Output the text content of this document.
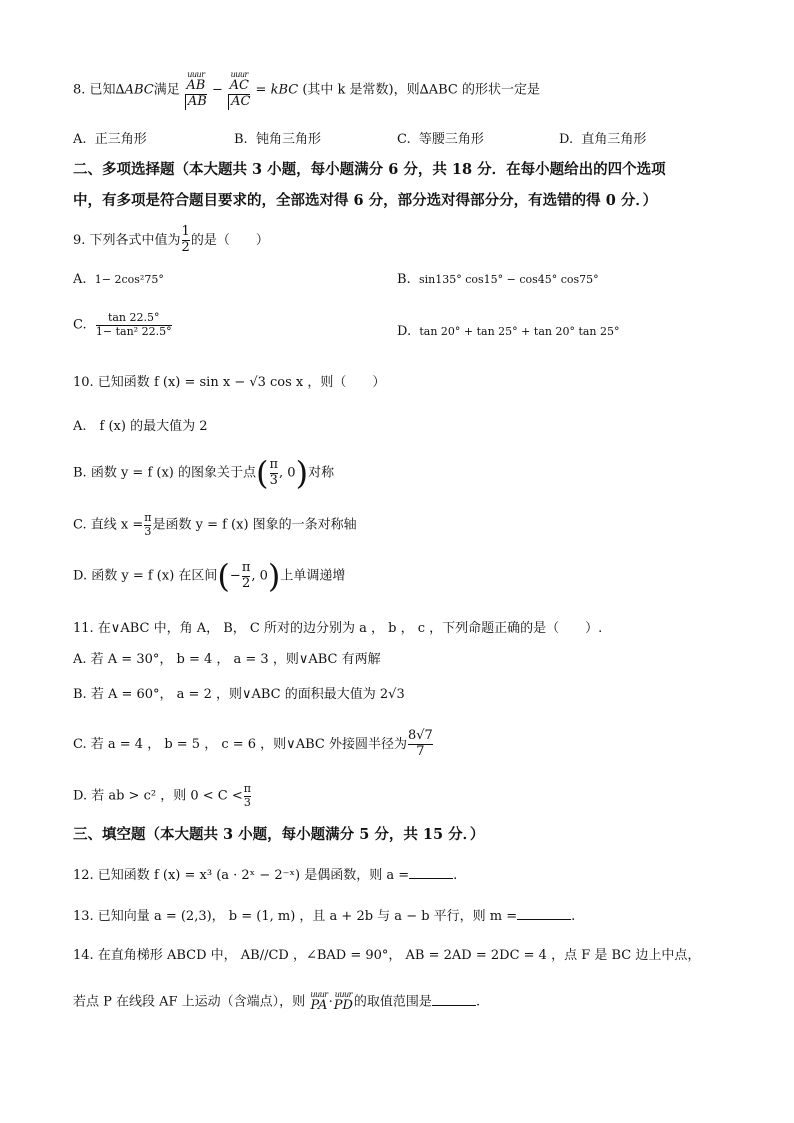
8. 已知∆ABC满足 uuur
AB
AB − uuur
AC
AC = kBC (其中 k 是常数)，则∆ABC 的形状一定是
A. 正三角形	B. 钝角三角形	C. 等腰三角形	D. 直角三角形
二、多项选择题（本大题共 3 小题，每小题满分 6 分，共 18 分．在每小题给出的四个选项
中，有多项是符合题目要求的，全部选对得 6 分，部分选对得部分分，有选错的得 0 分．）
9. 下列各式中值为 $\frac{1}{2}$ 的是（　　）
A. 1− 2cos²75°	B. sin135° cos15° − cos45° cos75°
C. $\frac{\tan 22.5^\circ}{\text{1− tan² 22.5°}}$	D. tan 20° + tan 25° + tan 20° tan 25°
10. 已知函数 f (x) = sin x − √3 cos x ，则（　　）
A.　f (x) 的最大值为 2
B. 函数 y = f (x) 的图象关于点( $\frac{\pi}{3}$ , 0)对称
C. 直线 $x = \frac{\pi}{3}$ 是函数 y = f (x) 图象的一条对称轴
D. 函数 y = f (x) 在区间(− $\frac{\pi}{2}$ , 0)上单调递增
11. 在∨ABC 中，角 A， B， C 所对的边分别为 a ， b ， c ，下列命题正确的是（　　）.
A. 若 A = 30°， b = 4 ， a = 3 ，则∨ABC 有两解
B. 若 A = 60°， a = 2 ，则∨ABC 的面积最大值为 2√3
C. 若 a = 4 ， b = 5 ， c = 6 ，则∨ABC 外接圆半径为 $\frac{8√7}{7}$
D. 若 ab > c² ，则 $0 < C < \frac{\pi}{3}$
三、填空题（本大题共 3 小题，每小题满分 5 分，共 15 分．）
12. 已知函数 f (x) = x³ (a · 2ˣ − 2⁻ˣ) 是偶函数，则 a =	.
13. 已知向量 a = (2,3)， b = (1, m) ，且 a + 2b 与 a − b 平行，则 m =	.
14. 在直角梯形 ABCD 中， AB//CD ，∠BAD = 90°， AB = 2AD = 2DC = 4 ，点 F 是 BC 边上中点，
若点 P 在线段 AF 上运动（含端点），则
uuur
PA ·
uuur
PD 的取值范围是	.
